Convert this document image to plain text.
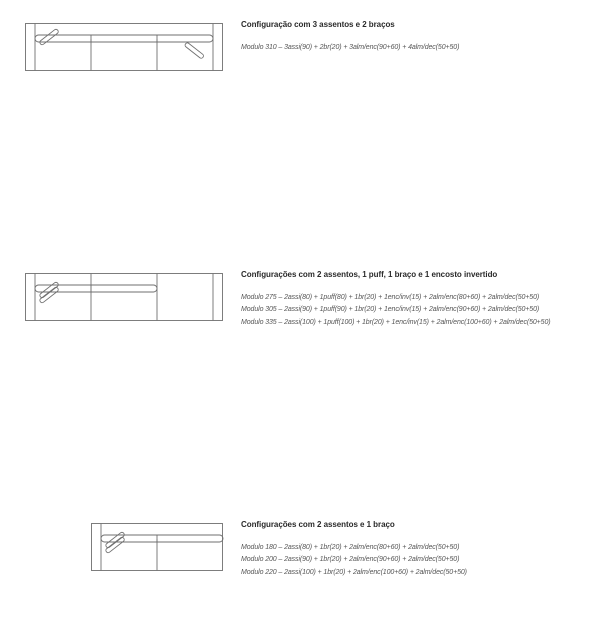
Configuração com 3 assentos e 2 braços
Modulo 310 – 3assi(90) + 2br(20) + 3alm/enc(90+60) + 4alm/dec(50+50)
Configurações com 2 assentos, 1 puff, 1 braço e 1 encosto invertido
Modulo 275 – 2assi(80) + 1puff(80) + 1br(20) + 1enc/inv(15) + 2alm/enc(80+60) + 2alm/dec(50+50)
Modulo 305 – 2assi(90) + 1puff(90) + 1br(20) + 1enc/inv(15) + 2alm/enc(90+60) + 2alm/dec(50+50)
Modulo 335 – 2assi(100) + 1puff(100) + 1br(20) + 1enc/inv(15) + 2alm/enc(100+60) + 2alm/dec(50+50)
Configurações com 2 assentos e 1 braço
Modulo 180 – 2assi(80) + 1br(20) + 2alm/enc(80+60) + 2alm/dec(50+50)
Modulo 200 – 2assi(90) + 1br(20) + 2alm/enc(90+60) + 2alm/dec(50+50)
Modulo 220 – 2assi(100) + 1br(20) + 2alm/enc(100+60) + 2alm/dec(50+50)
